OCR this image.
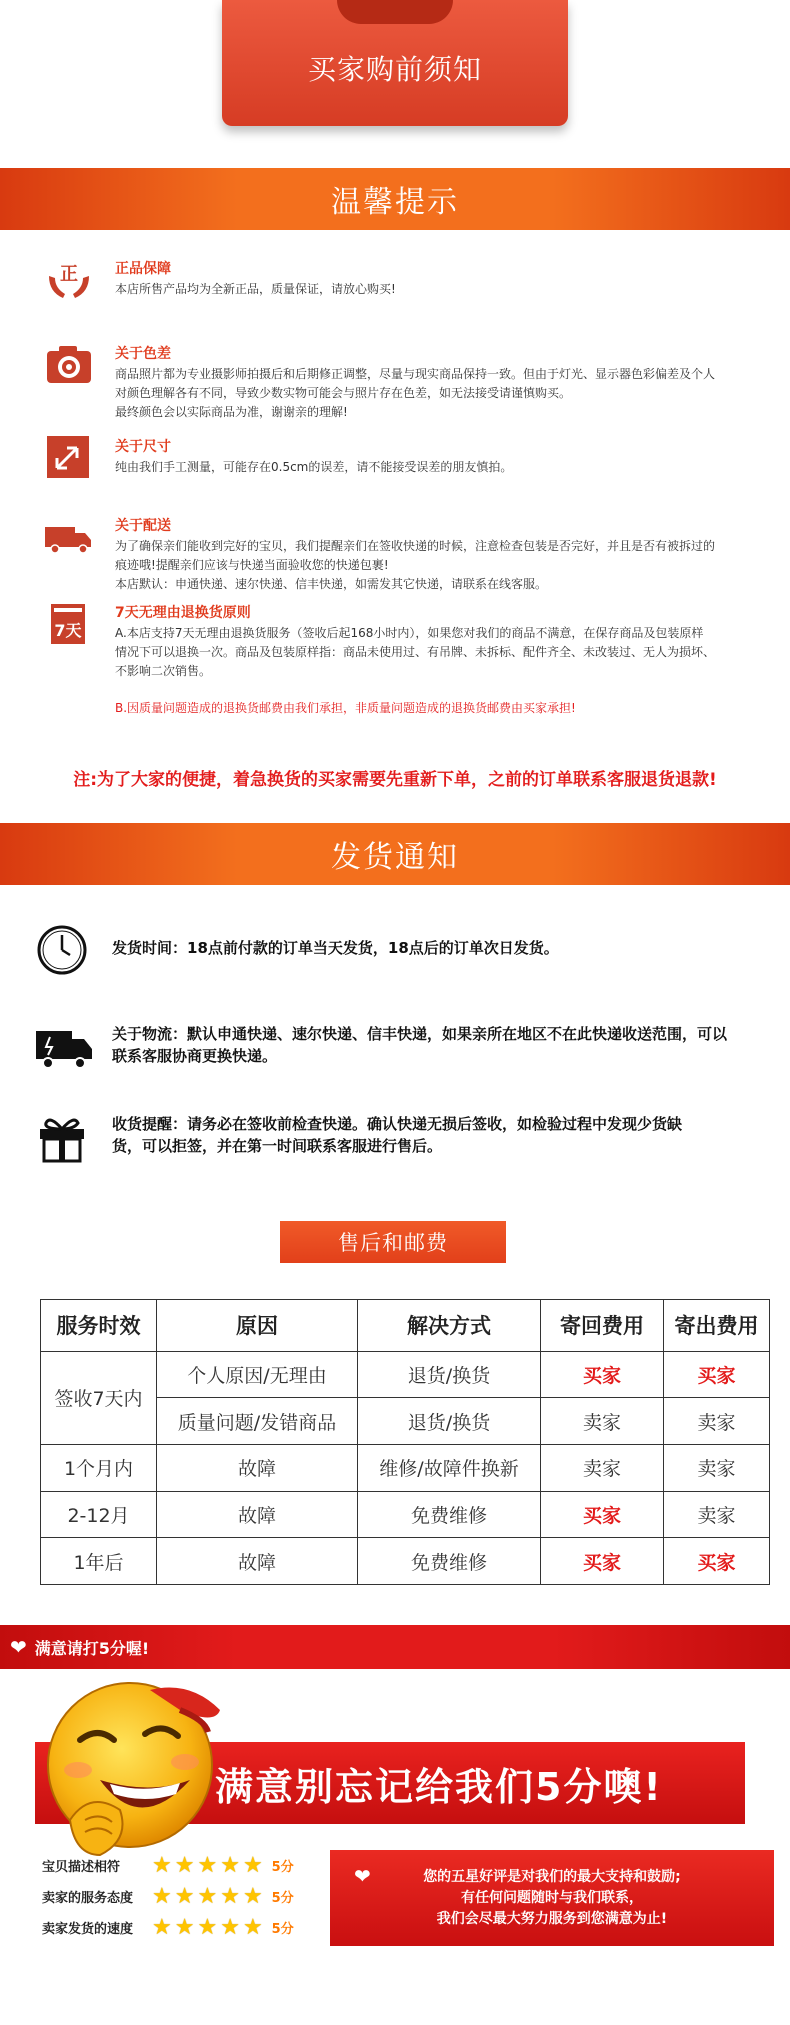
买家购前须知
温馨提示
正	正品保障
本店所售产品均为全新正品，质量保证，请放心购买!
关于色差
商品照片都为专业摄影师拍摄后和后期修正调整，尽量与现实商品保持一致。但由于灯光、显示器色彩偏差及个人
对颜色理解各有不同，导致少数实物可能会与照片存在色差，如无法接受请谨慎购买。
最终颜色会以实际商品为准，谢谢亲的理解!
关于尺寸
纯由我们手工测量，可能存在0.5cm的误差，请不能接受误差的朋友慎拍。
关于配送
为了确保亲们能收到完好的宝贝，我们提醒亲们在签收快递的时候，注意检查包装是否完好，并且是否有被拆过的
痕迹哦!提醒亲们应该与快递当面验收您的快递包裹!
本店默认：申通快递、速尔快递、信丰快递，如需发其它快递，请联系在线客服。
7天
7天无理由退换货原则
A.本店支持7天无理由退换货服务（签收后起168小时内），如果您对我们的商品不满意，在保存商品及包装原样
情况下可以退换一次。商品及包装原样指：商品未使用过、有吊牌、未拆标、配件齐全、未改装过、无人为损坏、
不影响二次销售。
B.因质量问题造成的退换货邮费由我们承担，非质量问题造成的退换货邮费由买家承担!
注:为了大家的便捷，着急换货的买家需要先重新下单，之前的订单联系客服退货退款!
发货通知
发货时间：18点前付款的订单当天发货，18点后的订单次日发货。
关于物流：默认申通快递、速尔快递、信丰快递，如果亲所在地区不在此快递收送范围，可以
联系客服协商更换快递。
收货提醒：请务必在签收前检查快递。确认快递无损后签收，如检验过程中发现少货缺
货，可以拒签，并在第一时间联系客服进行售后。
售后和邮费
服务时效	原因	解决方式	寄回费用	寄出费用
签收7天内	个人原因/无理由	退货/换货	买家	买家
	质量问题/发错商品	退货/换货	卖家	卖家
1个月内	故障	维修/故障件换新	卖家	卖家
2-12月	故障	免费维修	买家	卖家
1年后	故障	免费维修	买家	买家
❤ 满意请打5分喔!
满意别忘记给我们5分噢!
宝贝描述相符	★ ★ ★ ★ ★ 5分
卖家的服务态度 ★ ★ ★ ★ ★ 5分
卖家发货的速度 ★ ★ ★ ★ ★ 5分
❤	您的五星好评是对我们的最大支持和鼓励;
有任何问题随时与我们联系，
我们会尽最大努力服务到您满意为止!
